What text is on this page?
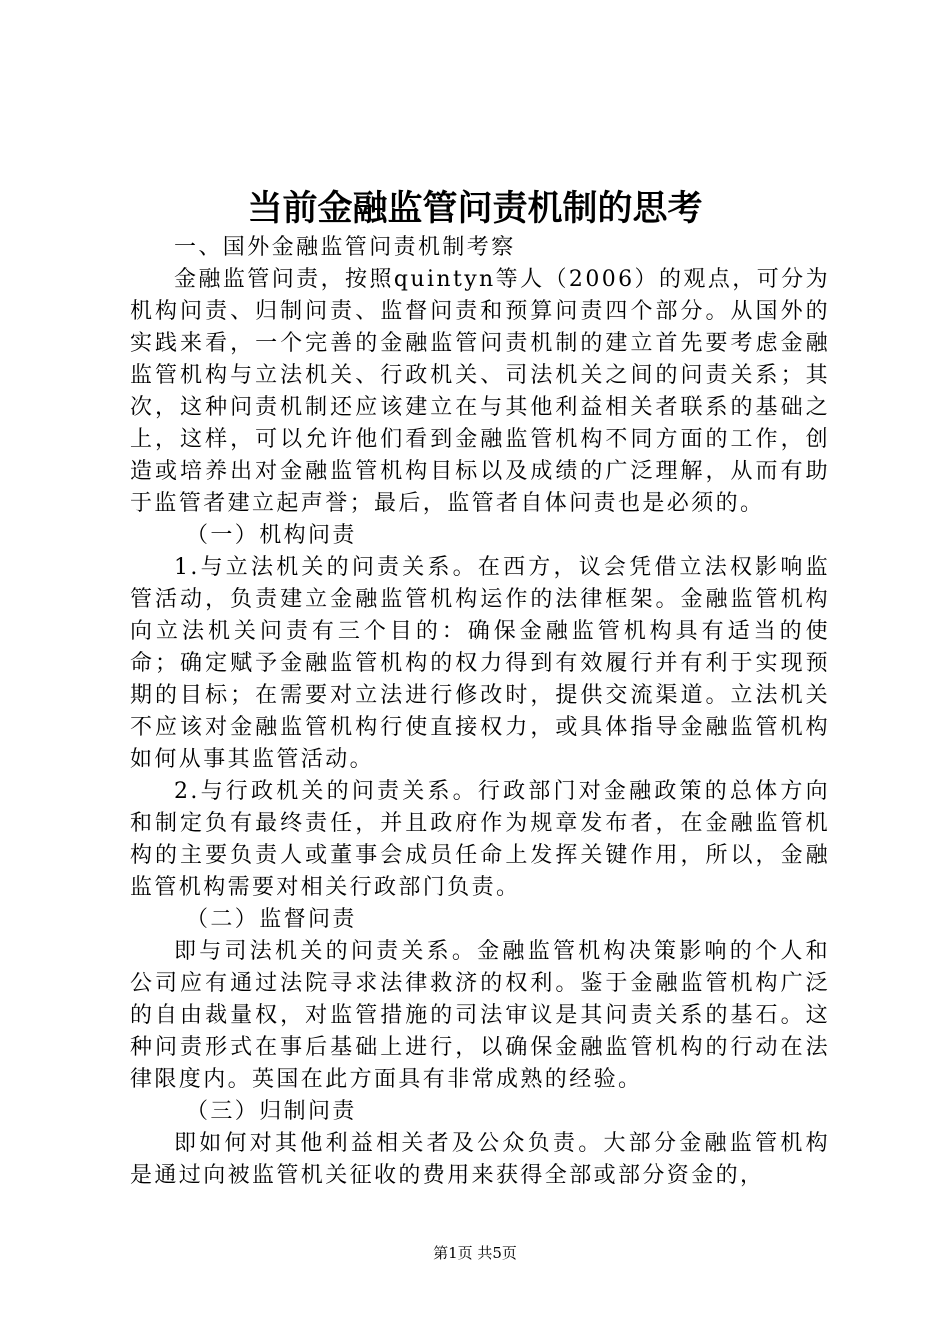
当前金融监管问责机制的思考

一、国外金融监管问责机制考察

金融监管问责，按照quintyn等人（2006）的观点，可分为机构问责、归制问责、监督问责和预算问责四个部分。从国外的实践来看，一个完善的金融监管问责机制的建立首先要考虑金融监管机构与立法机关、行政机关、司法机关之间的问责关系；其次，这种问责机制还应该建立在与其他利益相关者联系的基础之上，这样，可以允许他们看到金融监管机构不同方面的工作，创造或培养出对金融监管机构目标以及成绩的广泛理解，从而有助于监管者建立起声誉；最后，监管者自体问责也是必须的。

（一）机构问责

1.与立法机关的问责关系。在西方，议会凭借立法权影响监管活动，负责建立金融监管机构运作的法律框架。金融监管机构向立法机关问责有三个目的：确保金融监管机构具有适当的使命；确定赋予金融监管机构的权力得到有效履行并有利于实现预期的目标；在需要对立法进行修改时，提供交流渠道。立法机关不应该对金融监管机构行使直接权力，或具体指导金融监管机构如何从事其监管活动。

2.与行政机关的问责关系。行政部门对金融政策的总体方向和制定负有最终责任，并且政府作为规章发布者，在金融监管机构的主要负责人或董事会成员任命上发挥关键作用，所以，金融监管机构需要对相关行政部门负责。

（二）监督问责

即与司法机关的问责关系。金融监管机构决策影响的个人和公司应有通过法院寻求法律救济的权利。鉴于金融监管机构广泛的自由裁量权，对监管措施的司法审议是其问责关系的基石。这种问责形式在事后基础上进行，以确保金融监管机构的行动在法律限度内。英国在此方面具有非常成熟的经验。

（三）归制问责

即如何对其他利益相关者及公众负责。大部分金融监管机构是通过向被监管机关征收的费用来获得全部或部分资金的，

第1页 共5页
